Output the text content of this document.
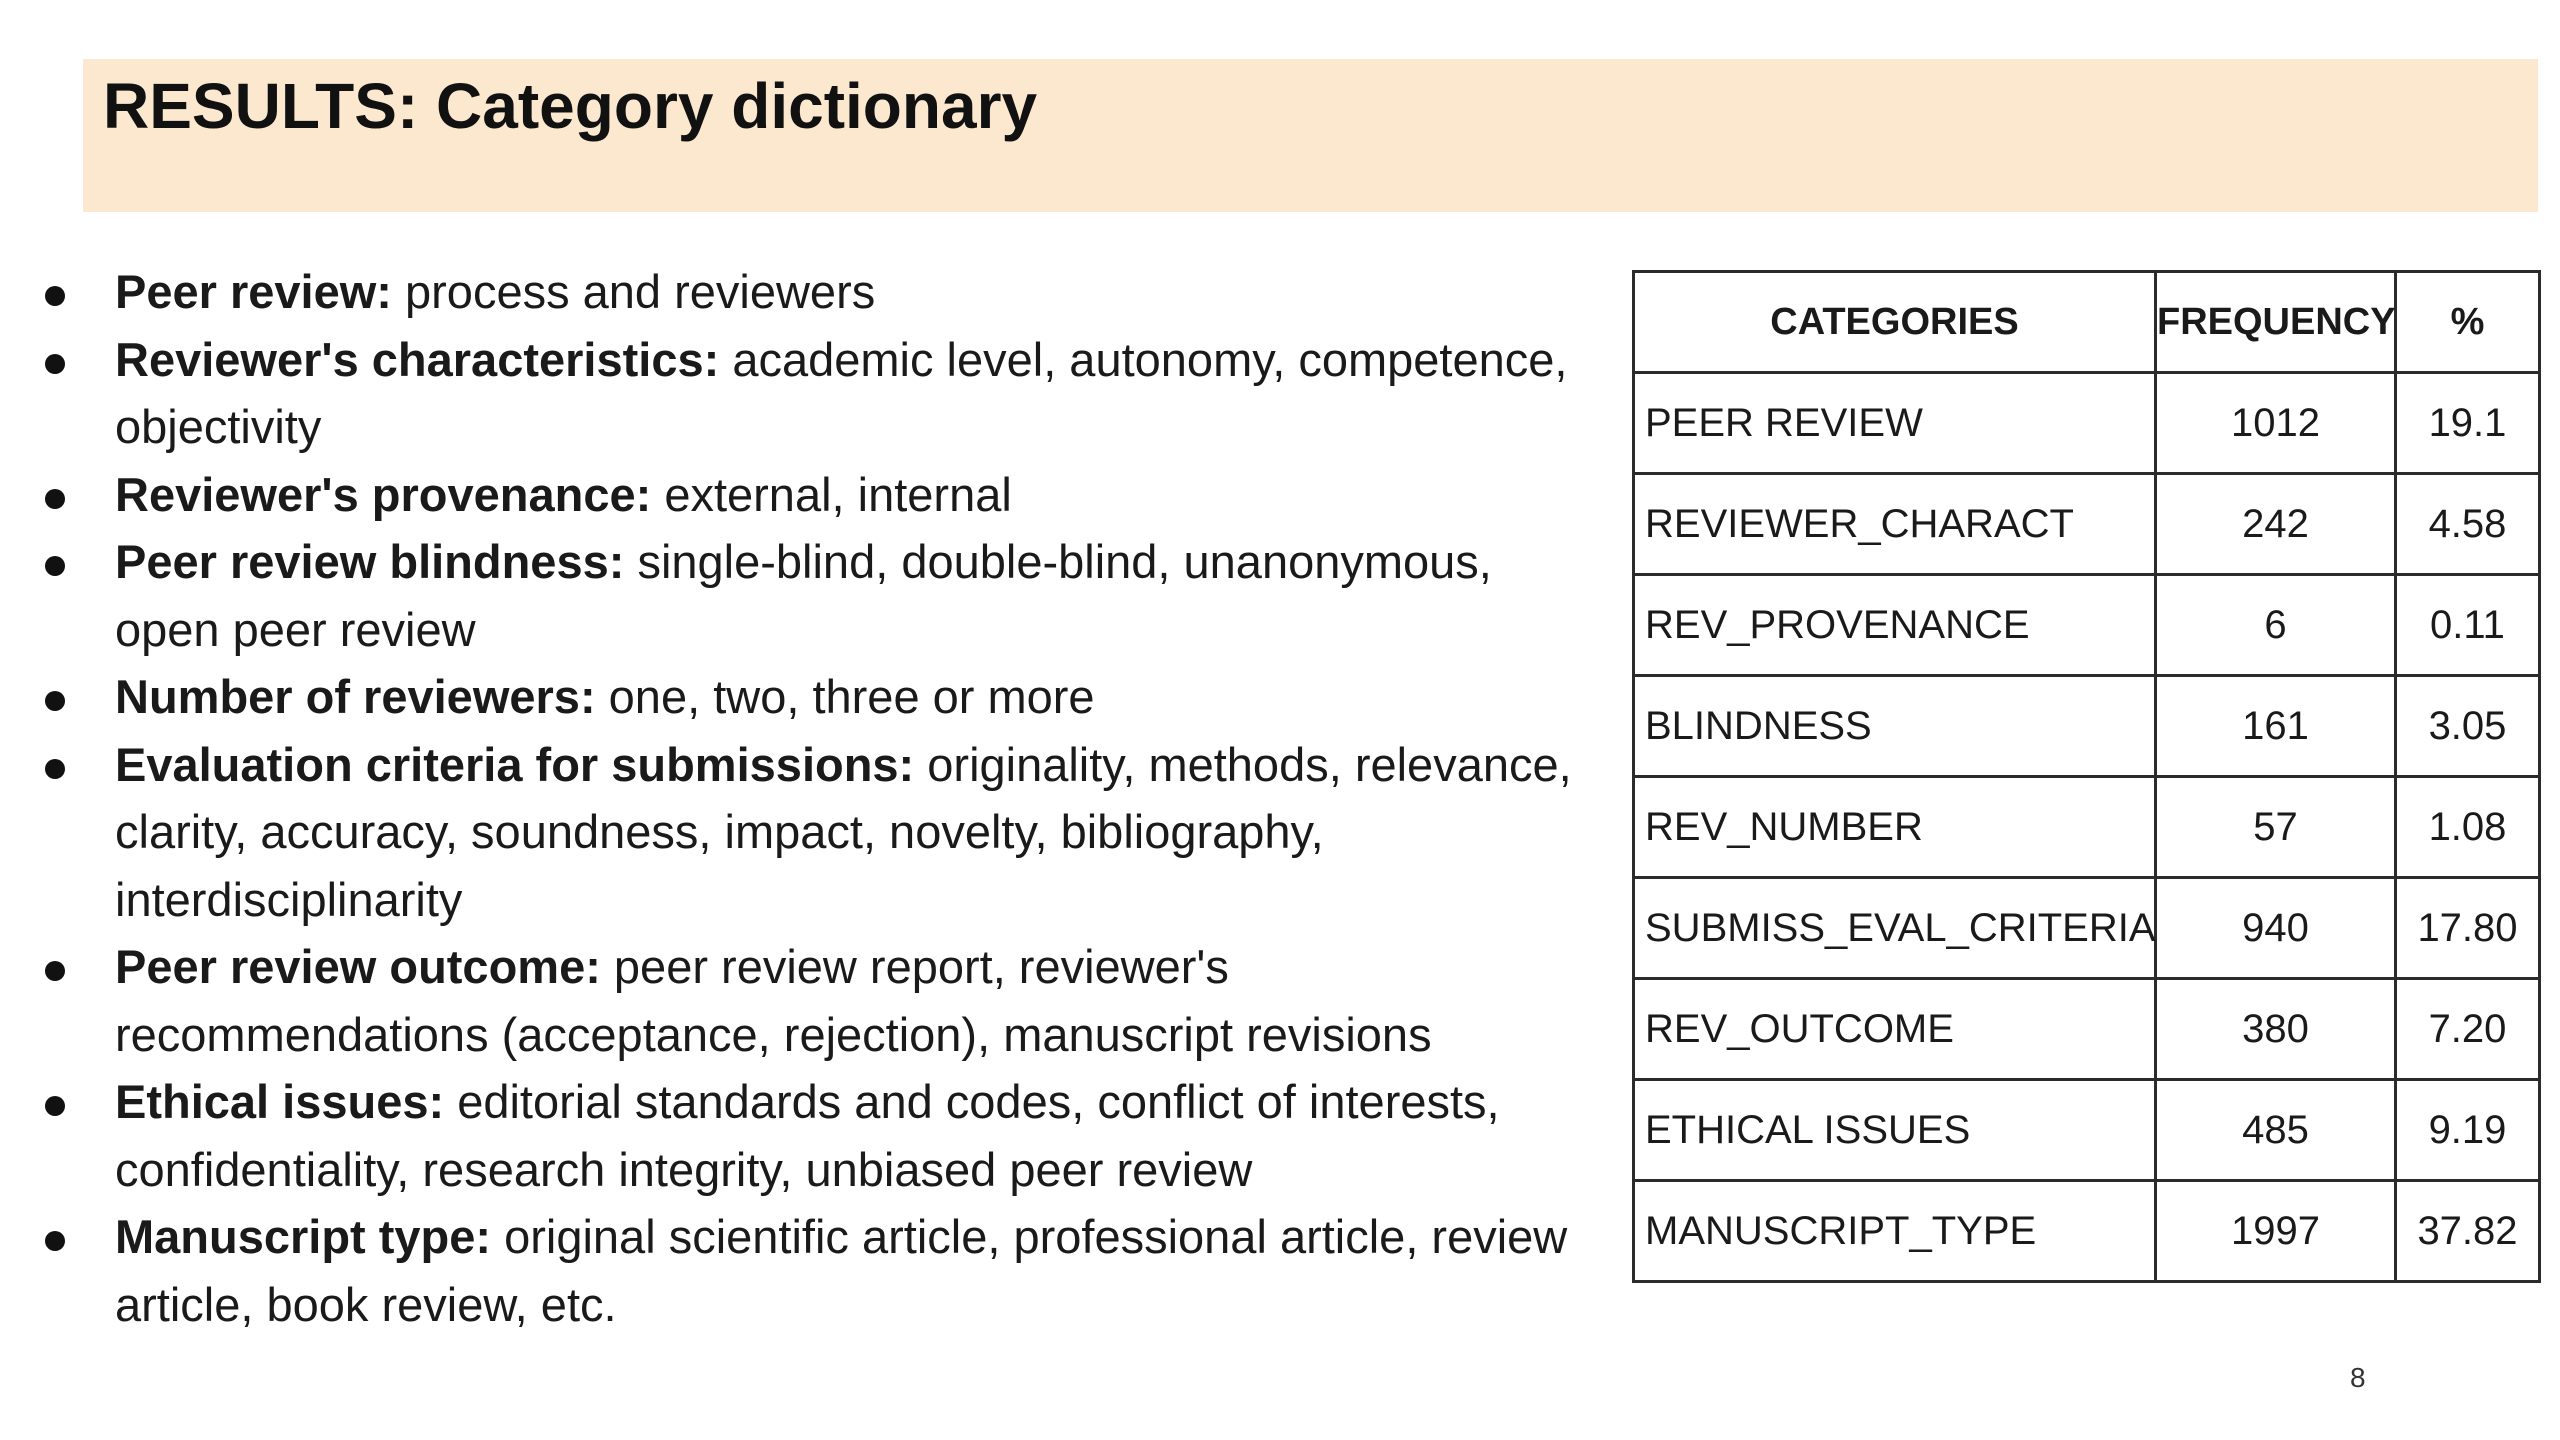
RESULTS: Category dictionary
Peer review: process and reviewers
Reviewer's characteristics: academic level, autonomy, competence, objectivity
Reviewer's provenance: external, internal
Peer review blindness: single-blind, double-blind, unanonymous, open peer review
Number of reviewers: one, two, three or more
Evaluation criteria for submissions: originality, methods, relevance, clarity, accuracy, soundness, impact, novelty, bibliography, interdisciplinarity
Peer review outcome: peer review report, reviewer's recommendations (acceptance, rejection), manuscript revisions
Ethical issues: editorial standards and codes, conflict of interests, confidentiality, research integrity, unbiased peer review
Manuscript type: original scientific article, professional article, review article, book review, etc.
CATEGORIES	FREQUENCY	%
PEER REVIEW	1012	19.1
REVIEWER_CHARACT	242	4.58
REV_PROVENANCE	6	0.11
BLINDNESS	161	3.05
REV_NUMBER	57	1.08
SUBMISS_EVAL_CRITERIA	940	17.80
REV_OUTCOME	380	7.20
ETHICAL ISSUES	485	9.19
MANUSCRIPT_TYPE	1997	37.82
8
